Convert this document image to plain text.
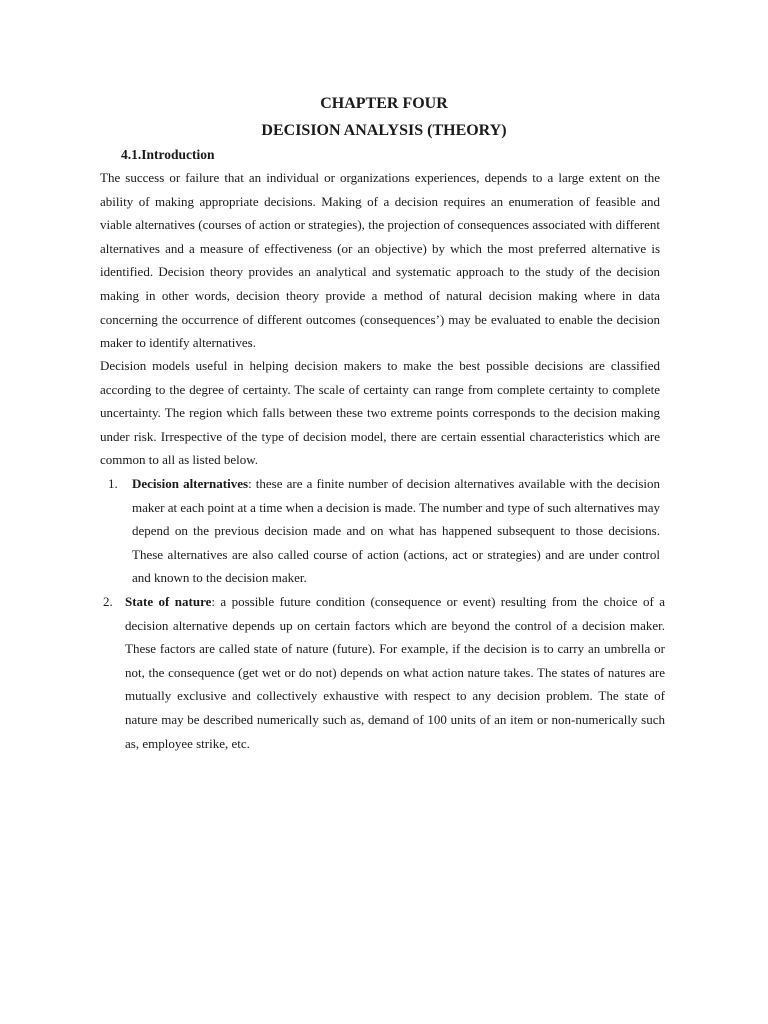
CHAPTER FOUR
DECISION ANALYSIS (THEORY)
4.1.Introduction

The success or failure that an individual or organizations experiences, depends to a large extent on the ability of making appropriate decisions. Making of a decision requires an enumeration of feasible and viable alternatives (courses of action or strategies), the projection of consequences associated with different alternatives and a measure of effectiveness (or an objective) by which the most preferred alternative is identified. Decision theory provides an analytical and systematic approach to the study of the decision making in other words, decision theory provide a method of natural decision making where in data concerning the occurrence of different outcomes (consequences’) may be evaluated to enable the decision maker to identify alternatives.

Decision models useful in helping decision makers to make the best possible decisions are classified according to the degree of certainty. The scale of certainty can range from complete certainty to complete uncertainty. The region which falls between these two extreme points corresponds to the decision making under risk. Irrespective of the type of decision model, there are certain essential characteristics which are common to all as listed below.

1. Decision alternatives: these are a finite number of decision alternatives available with the decision maker at each point at a time when a decision is made. The number and type of such alternatives may depend on the previous decision made and on what has happened subsequent to those decisions. These alternatives are also called course of action (actions, act or strategies) and are under control and known to the decision maker.
2. State of nature: a possible future condition (consequence or event) resulting from the choice of a decision alternative depends up on certain factors which are beyond the control of a decision maker. These factors are called state of nature (future). For example, if the decision is to carry an umbrella or not, the consequence (get wet or do not) depends on what action nature takes. The states of natures are mutually exclusive and collectively exhaustive with respect to any decision problem. The state of nature may be described numerically such as, demand of 100 units of an item or non-numerically such as, employee strike, etc.
